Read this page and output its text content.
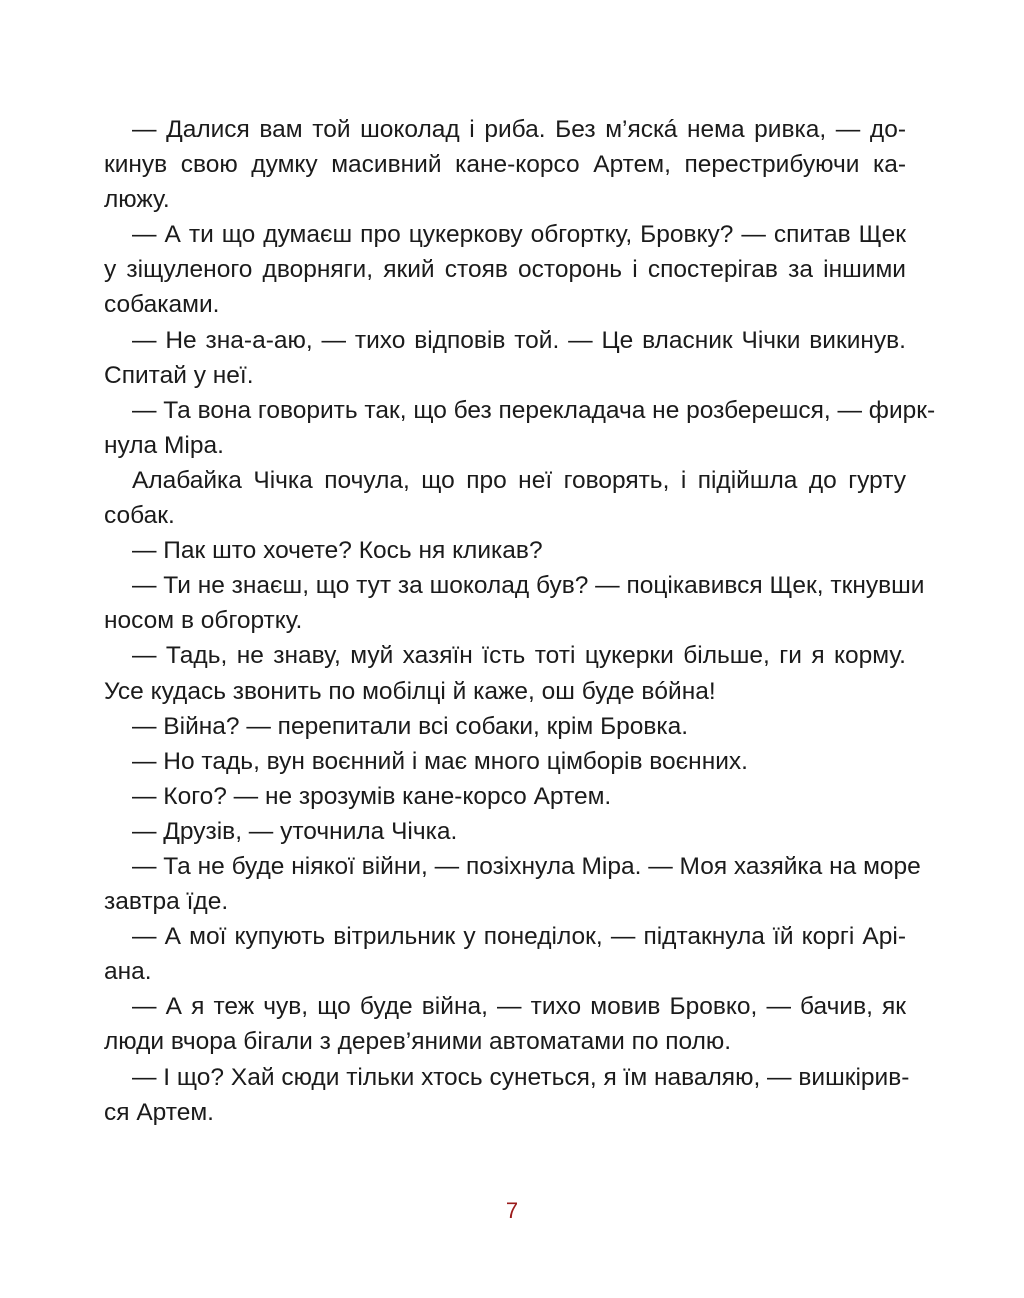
— Далися вам той шоколад і риба. Без м’яскá нема ривка, — до-
кинув свою думку масивний кане-корсо Артем, перестрибуючи ка-
люжу.
— А ти що думаєш про цукеркову обгортку, Бровку? — спитав Щек
у зіщуленого дворняги, який стояв осторонь і спостерігав за іншими
собаками.
— Не зна-а-аю, — тихо відповів той. — Це власник Чічки викинув.
Спитай у неї.
— Та вона говорить так, що без перекладача не розберешся, — фирк-
нула Міра.
Алабайка Чічка почула, що про неї говорять, і підійшла до гурту
собак.
— Пак што хочете? Кось ня кликав?
— Ти не знаєш, що тут за шоколад був? — поцікавився Щек, ткнувши
носом в обгортку.
— Тадь, не знаву, муй хазяїн їсть тоті цукерки більше, ги я корму.
Усе кудась звонить по мобілці й каже, ош буде вóйна!
— Війна? — перепитали всі собаки, крім Бровка.
— Но тадь, вун воєнний і має много цімборів воєнних.
— Кого? — не зрозумів кане-корсо Артем.
— Друзів, — уточнила Чічка.
— Та не буде ніякої війни, — позіхнула Міра. — Моя хазяйка на море
завтра їде.
— А мої купують вітрильник у понеділок, — підтакнула їй коргі Арі-
ана.
— А я теж чув, що буде війна, — тихо мовив Бровко, — бачив, як
люди вчора бігали з дерев’яними автоматами по полю.
— І що? Хай сюди тільки хтось сунеться, я їм наваляю, — вишкірив-
ся Артем.
7
